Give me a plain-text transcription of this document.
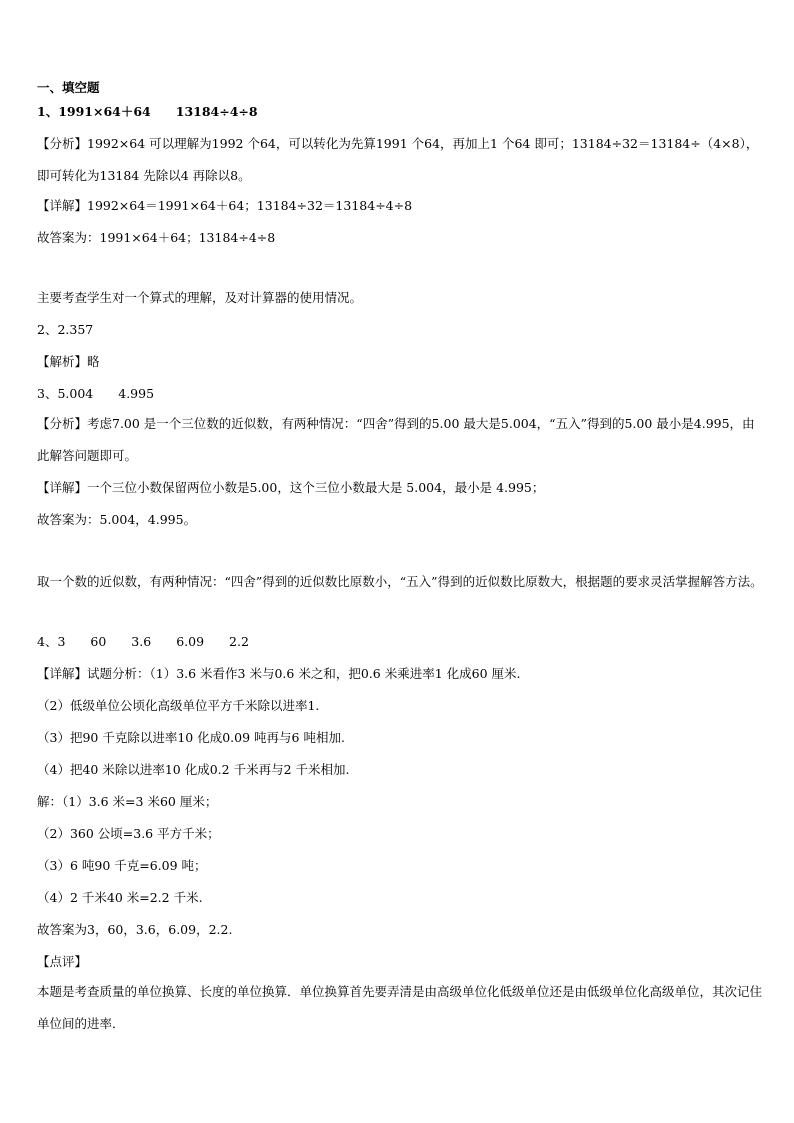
一、填空题
1、1991×64＋64　　13184÷4÷8
【分析】1992×64 可以理解为1992 个64，可以转化为先算1991 个64，再加上1 个64 即可；13184÷32＝13184÷（4×8），即可转化为13184 先除以4 再除以8。
【详解】1992×64＝1991×64＋64；13184÷32＝13184÷4÷8
故答案为：1991×64＋64；13184÷4÷8
主要考查学生对一个算式的理解，及对计算器的使用情况。
2、2.357
【解析】略
3、5.004　　4.995
【分析】考虑7.00 是一个三位数的近似数，有两种情况：“四舍”得到的5.00 最大是5.004，“五入”得到的5.00 最小是4.995，由此解答问题即可。
【详解】一个三位小数保留两位小数是5.00，这个三位小数最大是 5.004，最小是 4.995；
故答案为：5.004，4.995。
取一个数的近似数，有两种情况：“四舍”得到的近似数比原数小，“五入”得到的近似数比原数大，根据题的要求灵活掌握解答方法。
4、3　　60　　3.6　　6.09　　2.2
【详解】试题分析：（1）3.6 米看作3 米与0.6 米之和，把0.6 米乘进率1 化成60 厘米.
（2）低级单位公顷化高级单位平方千米除以进率1.
（3）把90 千克除以进率10 化成0.09 吨再与6 吨相加.
（4）把40 米除以进率10 化成0.2 千米再与2 千米相加.
解：（1）3.6 米=3 米60 厘米；
（2）360 公顷=3.6 平方千米；
（3）6 吨90 千克=6.09 吨；
（4）2 千米40 米=2.2 千米.
故答案为3，60，3.6，6.09，2.2.
【点评】
本题是考查质量的单位换算、长度的单位换算．单位换算首先要弄清是由高级单位化低级单位还是由低级单位化高级单位，其次记住单位间的进率．
